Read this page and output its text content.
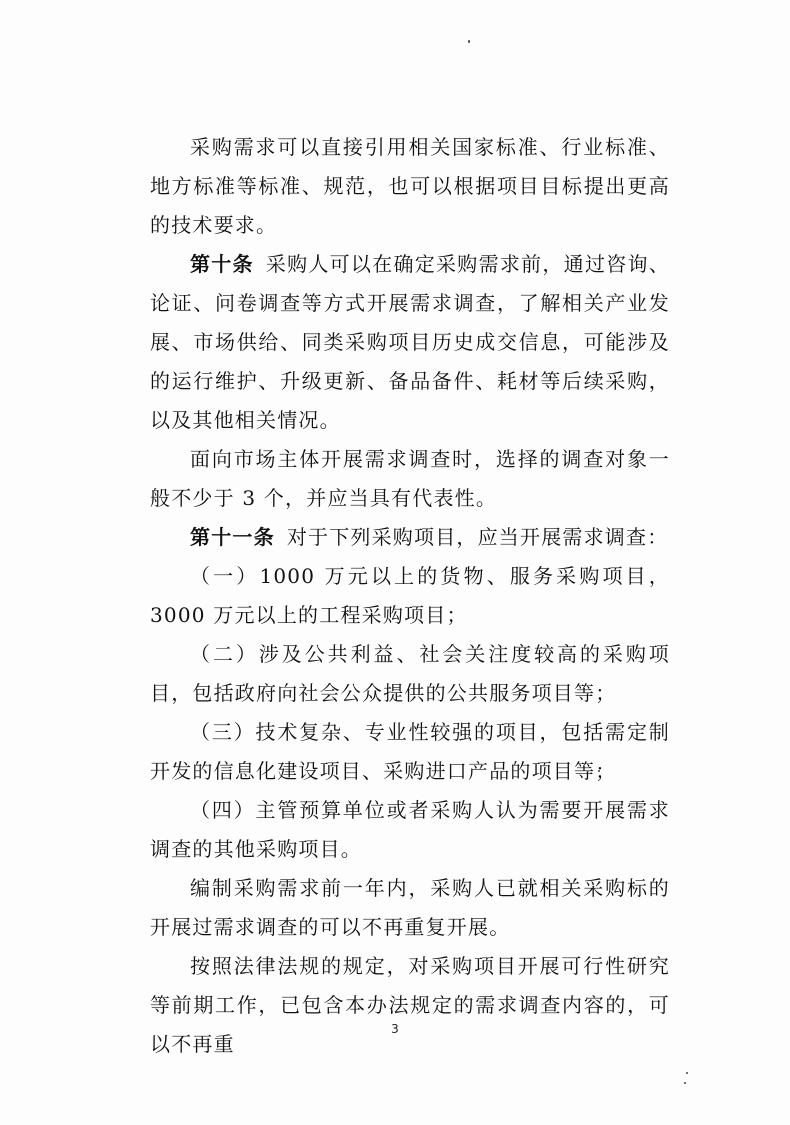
采购需求可以直接引用相关国家标准、行业标准、地方标准等标准、规范，也可以根据项目目标提出更高的技术要求。

第十条 采购人可以在确定采购需求前，通过咨询、论证、问卷调查等方式开展需求调查，了解相关产业发展、市场供给、同类采购项目历史成交信息，可能涉及的运行维护、升级更新、备品备件、耗材等后续采购，以及其他相关情况。

面向市场主体开展需求调查时，选择的调查对象一般不少于 3 个，并应当具有代表性。

第十一条 对于下列采购项目，应当开展需求调查：

（一）1000 万元以上的货物、服务采购项目，3000 万元以上的工程采购项目；

（二）涉及公共利益、社会关注度较高的采购项目，包括政府向社会公众提供的公共服务项目等；

（三）技术复杂、专业性较强的项目，包括需定制开发的信息化建设项目、采购进口产品的项目等；

（四）主管预算单位或者采购人认为需要开展需求调查的其他采购项目。

编制采购需求前一年内，采购人已就相关采购标的开展过需求调查的可以不再重复开展。

按照法律法规的规定，对采购项目开展可行性研究等前期工作，已包含本办法规定的需求调查内容的，可以不再重

3
